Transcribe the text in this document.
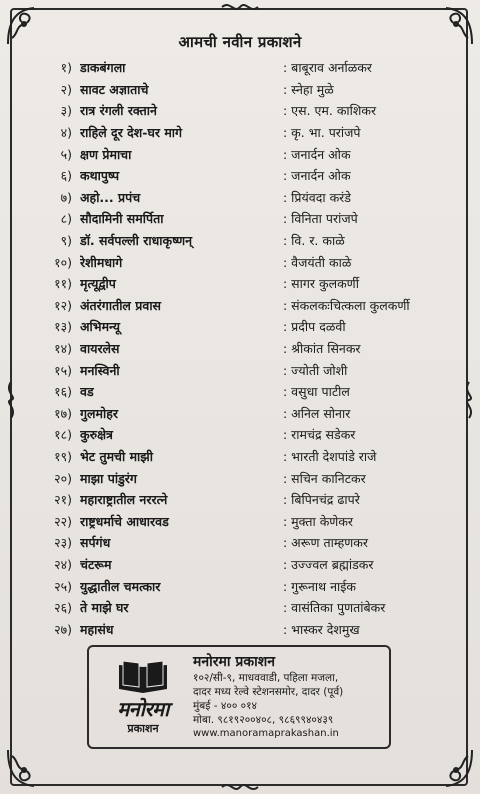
आमची नवीन प्रकाशने
१) डाकबंगला	: बाबूराव अर्नाळकर
२) सावट अज्ञाताचे	: स्नेहा मुळे
३) रात्र रंगली रक्ताने	: एस. एम. काशिकर
४) राहिले दूर देश-घर मागे	: कृ. भा. परांजपे
५) क्षण प्रेमाचा	: जनार्दन ओक
६) कथापुष्प	: जनार्दन ओक
७) अहो... प्रपंच	: प्रियंवदा करंडे
८) सौदामिनी समर्पिता	: विनिता परांजपे
९) डॉ. सर्वपल्ली राधाकृष्णन्	: वि. र. काळे
१०) रेशीमधागे	: वैजयंती काळे
११) मृत्यूद्वीप	: सागर कुलकर्णी
१२) अंतरंगातील प्रवास	: संकलकःचित्कला कुलकर्णी
१३) अभिमन्यू	: प्रदीप दळवी
१४) वायरलेस	: श्रीकांत सिनकर
१५) मनस्विनी	: ज्योती जोशी
१६) वड	: वसुधा पाटील
१७) गुलमोहर	: अनिल सोनार
१८) कुरुक्षेत्र	: रामचंद्र सडेकर
१९) भेट तुमची माझी	: भारती देशपांडे राजे
२०) माझा पांडुरंग	: सचिन कानिटकर
२१) महाराष्ट्रातील नररत्ने	: बिपिनचंद्र ढापरे
२२) राष्ट्रधर्माचे आधारवड	: मुक्ता केणेकर
२३) सर्पगंध	: अरूण ताम्हणकर
२४) चंटरूम	: उज्ज्वल ब्रह्मांडकर
२५) युद्धातील चमत्कार	: गुरूनाथ नाईक
२६) ते माझे घर	: वासंतिका पुणतांबेकर
२७) महासंध	: भास्कर देशमुख
मनोरमा
प्रकाशन
मनोरमा प्रकाशन
१०२/सी-९, माधववाडी, पहिला मजला,
दादर मध्य रेल्वे स्टेशनसमोर, दादर (पूर्व)
मुंबई - ४०० ०१४
मोबा. ९८१९२००४०८, ९८६९९४०४३९
www.manoramaprakashan.in
